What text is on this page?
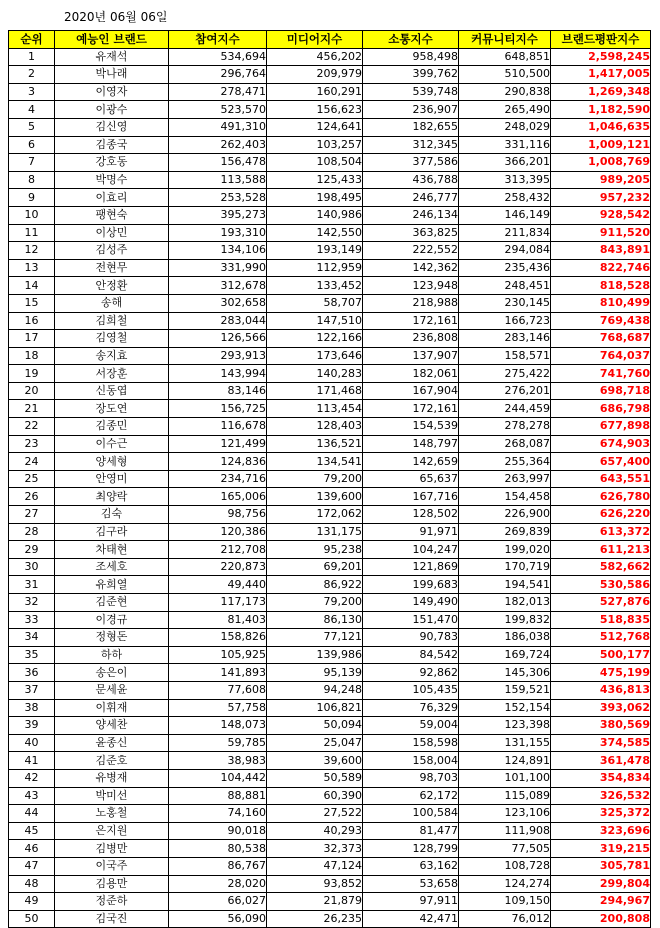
2020년 06월 06일
순위	예능인 브랜드	참여지수	미디어지수	소통지수	커뮤니티지수	브랜드평판지수
1	유재석	534,694	456,202	958,498	648,851	2,598,245
2	박나래	296,764	209,979	399,762	510,500	1,417,005
3	이영자	278,471	160,291	539,748	290,838	1,269,348
4	이광수	523,570	156,623	236,907	265,490	1,182,590
5	김신영	491,310	124,641	182,655	248,029	1,046,635
6	김종국	262,403	103,257	312,345	331,116	1,009,121
7	강호동	156,478	108,504	377,586	366,201	1,008,769
8	박명수	113,588	125,433	436,788	313,395	989,205
9	이효리	253,528	198,495	246,777	258,432	957,232
10	팽현숙	395,273	140,986	246,134	146,149	928,542
11	이상민	193,310	142,550	363,825	211,834	911,520
12	김성주	134,106	193,149	222,552	294,084	843,891
13	전현무	331,990	112,959	142,362	235,436	822,746
14	안정환	312,678	133,452	123,948	248,451	818,528
15	송해	302,658	58,707	218,988	230,145	810,499
16	김희철	283,044	147,510	172,161	166,723	769,438
17	김영철	126,566	122,166	236,808	283,146	768,687
18	송지효	293,913	173,646	137,907	158,571	764,037
19	서장훈	143,994	140,283	182,061	275,422	741,760
20	신동엽	83,146	171,468	167,904	276,201	698,718
21	장도연	156,725	113,454	172,161	244,459	686,798
22	김종민	116,678	128,403	154,539	278,278	677,898
23	이수근	121,499	136,521	148,797	268,087	674,903
24	양세형	124,836	134,541	142,659	255,364	657,400
25	안영미	234,716	79,200	65,637	263,997	643,551
26	최양락	165,006	139,600	167,716	154,458	626,780
27	김숙	98,756	172,062	128,502	226,900	626,220
28	김구라	120,386	131,175	91,971	269,839	613,372
29	차태현	212,708	95,238	104,247	199,020	611,213
30	조세호	220,873	69,201	121,869	170,719	582,662
31	유희열	49,440	86,922	199,683	194,541	530,586
32	김준현	117,173	79,200	149,490	182,013	527,876
33	이경규	81,403	86,130	151,470	199,832	518,835
34	정형돈	158,826	77,121	90,783	186,038	512,768
35	하하	105,925	139,986	84,542	169,724	500,177
36	송은이	141,893	95,139	92,862	145,306	475,199
37	문세윤	77,608	94,248	105,435	159,521	436,813
38	이휘재	57,758	106,821	76,329	152,154	393,062
39	양세찬	148,073	50,094	59,004	123,398	380,569
40	윤종신	59,785	25,047	158,598	131,155	374,585
41	김준호	38,983	39,600	158,004	124,891	361,478
42	유병재	104,442	50,589	98,703	101,100	354,834
43	박미선	88,881	60,390	62,172	115,089	326,532
44	노홍철	74,160	27,522	100,584	123,106	325,372
45	은지원	90,018	40,293	81,477	111,908	323,696
46	김병만	80,538	32,373	128,799	77,505	319,215
47	이국주	86,767	47,124	63,162	108,728	305,781
48	김용만	28,020	93,852	53,658	124,274	299,804
49	정준하	66,027	21,879	97,911	109,150	294,967
50	김국진	56,090	26,235	42,471	76,012	200,808
